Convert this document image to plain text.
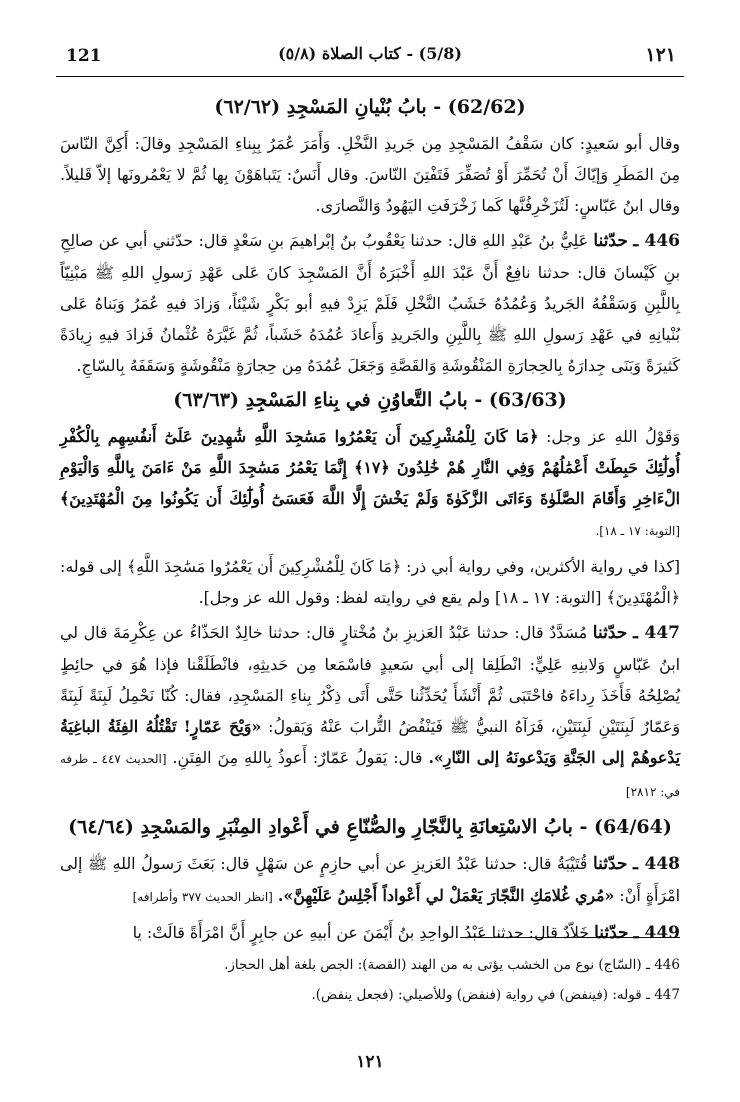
121	(5/8) - كتاب الصلاة (٥/٨)	١٢١
(62/62) - بابُ بُنْيانِ المَسْجِدِ (٦٢/٦٢)

وقال أبو سَعيدٍ: كان سَقْفُ المَسْجِدِ مِن جَريدِ النَّخْلِ. وَأَمَرَ عُمَرُ بِبِناءِ المَسْجِدِ وقالَ: أَكِنَّ النّاسَ مِنَ المَطَرِ وَإيّاكَ أَنْ تُحَمِّرَ أَوْ تُصَفِّرَ فَتَفْتِنَ النّاسَ. وقال أَنَسٌ: يَتَباهَوْنَ بِها ثُمَّ لا يَعْمُرونَها إلاّ قَليلاً. وقال ابنُ عَبّاسٍ: لَتُزَخْرِفُنَّها كَما زَخْرَفَتِ اليَهُودُ وَالنَّصارَى.

446 ـ حدّثنا عَلِيُّ بنُ عَبْدِ اللهِ قال: حدثنا يَعْقُوبُ بنُ إبْراهيمَ بنِ سَعْدٍ قال: حدّثني أبي عن صالِحِ بنِ كَيْسانَ قال: حدثنا نافِعٌ أَنَّ عَبْدَ اللهِ أَخْبَرَهُ أَنَّ المَسْجِدَ كانَ عَلى عَهْدِ رَسولِ اللهِ ﷺ مَبْنِيّاً بِاللَّبِنِ وَسَقْفُهُ الجَريدُ وَعُمُدُهُ خَشَبُ النَّخْلِ فَلَمْ يَزِدْ فيهِ أبو بَكْرٍ شَيْئاً، وَزادَ فيهِ عُمَرُ وَبَناهُ عَلى بُنْيانِهِ في عَهْدِ رَسولِ اللهِ ﷺ بِاللَّبِنِ والجَريدِ وَأَعادَ عُمُدَهُ خَشَباً، ثُمَّ غَيَّرَهُ عُثْمانُ فَزادَ فيهِ زِيادَةً كَثيرَةً وَبَنَى جِدارَهُ بِالحِجارَةِ المَنْقُوشَةِ وَالقَصَّةِ وَجَعَلَ عُمُدَهُ مِن حِجارَةٍ مَنْقُوشَةٍ وَسَقَفَهُ بِالسّاجِ.

(63/63) - بابُ التَّعاوُنِ في بِناءِ المَسْجِدِ (٦٣/٦٣)

وَقَوْلُ اللهِ عز وجل: ﴿مَا كَانَ لِلْمُشْرِكِينَ أَن يَعْمُرُوا مَسَٰجِدَ اللَّهِ شَٰهِدِينَ عَلَىٰٓ أَنفُسِهِم بِالْكُفْرِ أُولَٰٓئِكَ حَبِطَتْ أَعْمَٰلُهُمْ وَفِي النَّارِ هُمْ خَٰلِدُونَ ﴿١٧﴾ إِنَّمَا يَعْمُرُ مَسَٰجِدَ اللَّهِ مَنْ ءَامَنَ بِاللَّهِ وَالْيَوْمِ الْءَاخِرِ وَأَقَامَ الصَّلَوٰةَ وَءَاتَى الزَّكَوٰةَ وَلَمْ يَخْشَ إِلَّا اللَّهَ فَعَسَىٰٓ أُولَٰٓئِكَ أَن يَكُونُوا مِنَ الْمُهْتَدِينَ﴾ [التوبة: ١٧ ـ ١٨].

[كذا في رواية الأكثرين، وفي رواية أبي ذر: ﴿مَا كَانَ لِلْمُشْرِكِينَ أَن يَعْمُرُوا مَسَٰجِدَ اللَّهِ﴾ إلى قوله: ﴿الْمُهْتَدِينَ﴾ [التوبة: ١٧ ـ ١٨] ولم يقع في روايته لفظ: وقول الله عز وجل].

447 ـ حدّثنا مُسَدَّدٌ قال: حدثنا عَبْدُ العَزيزِ بنُ مُخْتارٍ قال: حدثنا خالِدٌ الحَذّاءُ عن عِكْرِمَةَ قال لي ابنُ عَبّاسٍ وَلابنِهِ عَلِيٍّ: انْطَلِقا إلى أبي سَعيدٍ فاسْمَعا مِن حَديثِهِ، فانْطَلَقْنا فإذا هُوَ في حائِطٍ يُصْلِحُهُ فَأَخَذَ رِداءَهُ فاحْتَبَى ثُمَّ أَنْشَأَ يُحَدِّثُنا حَتَّى أَتَى ذِكْرُ بِناءِ المَسْجِدِ، فقال: كُنّا نَحْمِلُ لَبِنَةً لَبِنَةً وَعَمّارٌ لَبِنَتَيْنِ لَبِنَتَيْنِ، فَرَآهُ النبيُّ ﷺ فَيَنْفُضُ التُّرابَ عَنْهُ وَيَقولُ: «وَيْحَ عَمّارٍ! تَقْتُلُهُ الفِئَةُ الباغِيَةُ يَدْعوهُمْ إلى الجَنَّةِ وَيَدْعونَهُ إلى النّارِ». قال: يَقولُ عَمّارٌ: أَعوذُ بِاللهِ مِنَ الفِتَنِ. [الحديث ٤٤٧ ـ طرفه في: ٢٨١٢]

(64/64) - بابُ الاسْتِعانَةِ بِالنَّجّارِ والصُّنّاعِ في أَعْوادِ المِنْبَرِ والمَسْجِدِ (٦٤/٦٤)

448 ـ حدّثنا قُتَيْبَةُ قال: حدثنا عَبْدُ العَزيزِ عن أبي حازِمٍ عن سَهْلٍ قال: بَعَثَ رَسولُ اللهِ ﷺ إلى امْرَأَةٍ أَنْ: «مُري غُلامَكِ النَّجّارَ يَعْمَلْ لي أَعْواداً أَجْلِسُ عَلَيْهِنَّ». [انظر الحديث ٣٧٧ وأطرافه]

449 ـ حدّثنا خَلاّدٌ قال: حدثنا عَبْدُ الواحِدِ بنُ أَيْمَنَ عن أبيهِ عن جابِرٍ أَنَّ امْرَأَةً قالَتْ: يا

446 ـ (السّاج) نوع من الخشب يؤتى به من الهند (القصة): الجص بلغة أهل الحجاز.

447 ـ قوله: (فينفض) في رواية (فنفض) وللأصيلي: (فجعل ينفض).

١٢١
